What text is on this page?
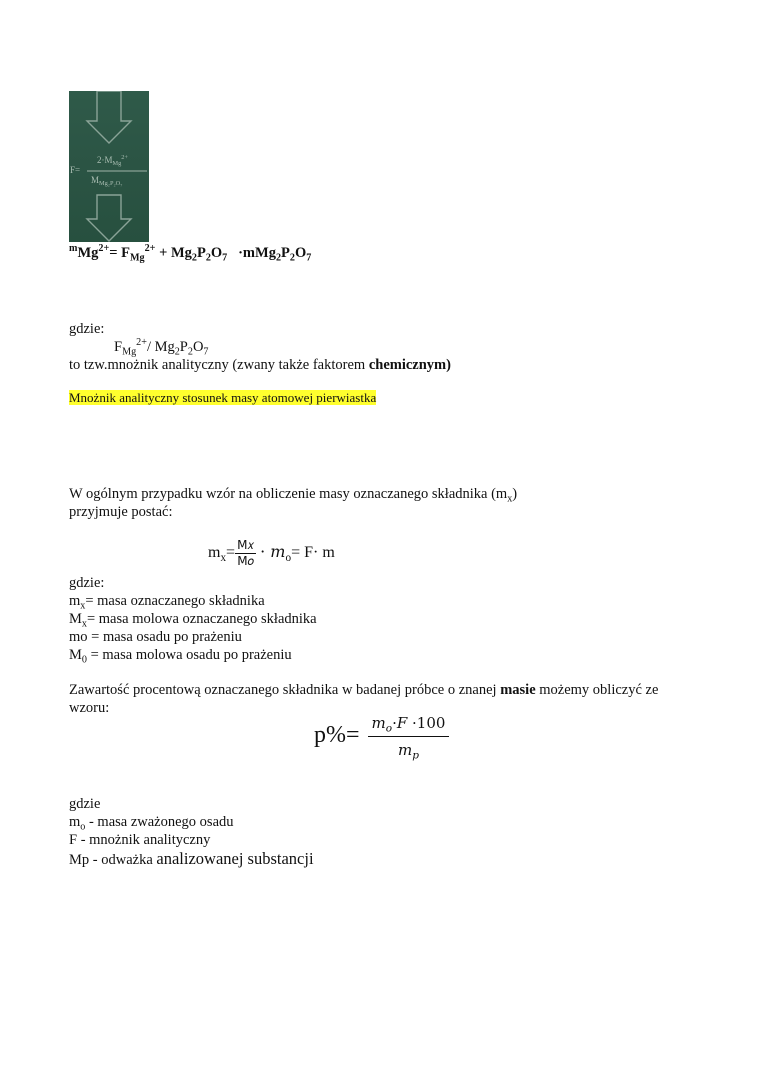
F=
$2\cdot M_{Mg}^{2+}$
$M_{Mg_2P_2O_7}$
$^mMg^{2+}= F_{Mg}^{2+} + Mg_2P_2O_7 \cdot mMg_2P_2O_7$
gdzie:
$F_{Mg}^{2+}/$ $Mg_2P_2O_7$
to tzw.mnożnik analityczny (zwany także faktorem chemicznym)
Mnożnik analityczny stosunek masy atomowej pierwiastka
W ogólnym przypadku wzór na obliczenie masy oznaczanego składnika $(m_x)$
przyjmuje postać:
$m_x= \frac{\text{M𝑥}}{\text{M𝑜}}$ · 𝑚$_o$= F· m
gdzie:
$m_x=$ masa oznaczanego składnika
$M_x=$ masa molowa oznaczanego składnika
mo = masa osadu po prażeniu
$M_0$ = masa molowa osadu po prażeniu
Zawartość procentową oznaczanego składnika w badanej próbce o znanej masie możemy obliczyć ze
wzoru:
$p\%= \frac{𝑚_𝑜\cdot 𝐹 \cdot 100}{𝑚_𝑝}$
gdzie
$m_o$ - masa zważonego osadu
F - mnożnik analityczny
Mp - odważka analizowanej substancji
